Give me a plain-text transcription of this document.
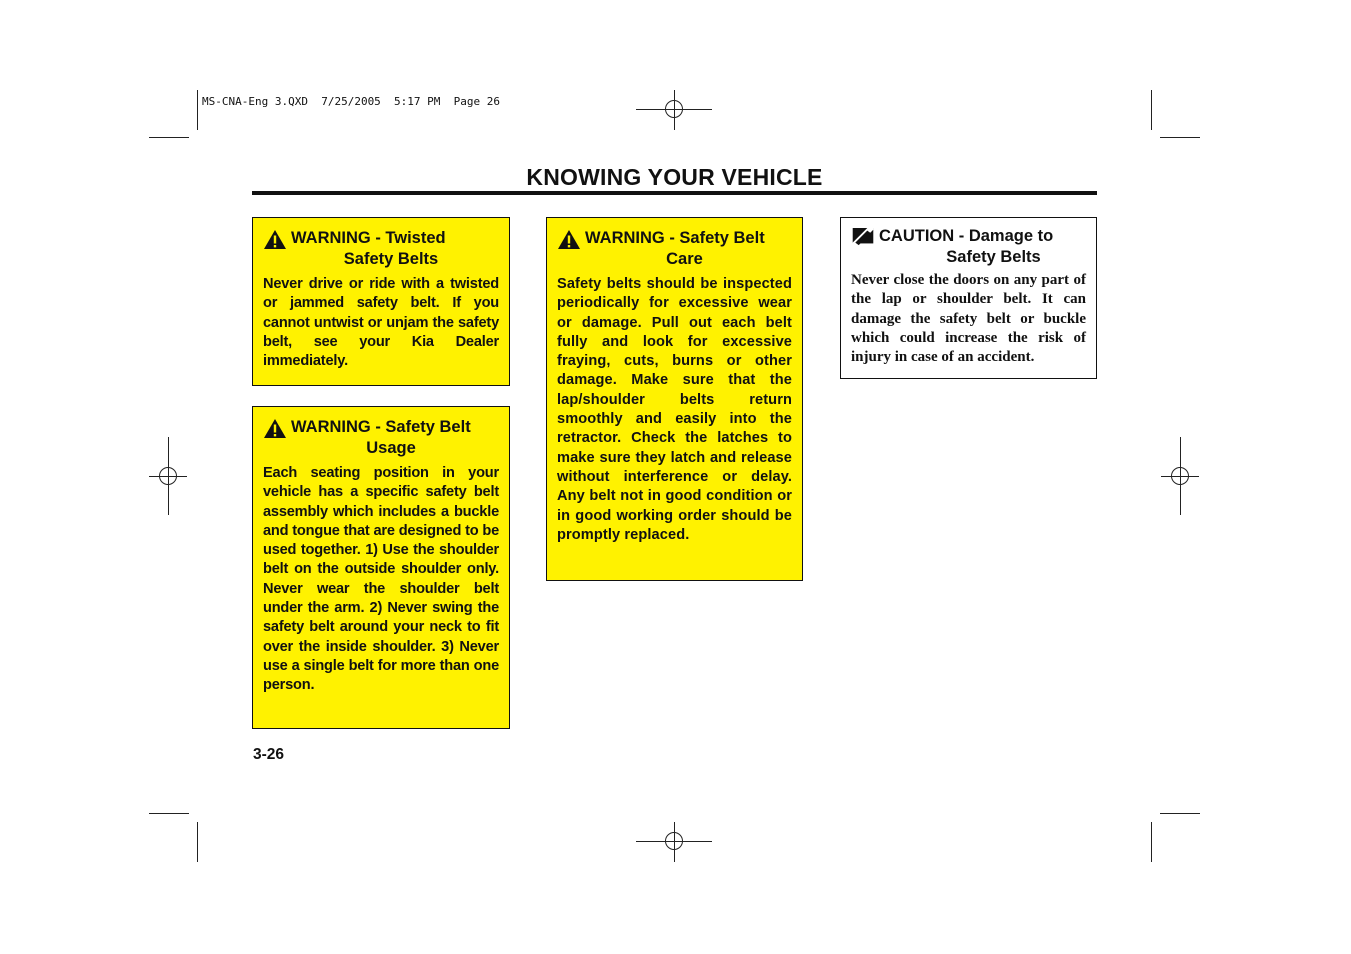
MS-CNA-Eng 3.QXD  7/25/2005  5:17 PM  Page 26
KNOWING YOUR VEHICLE
WARNING - Twisted
Safety Belts
Never drive or ride with a twisted or jammed safety belt. If you cannot untwist or unjam the safety belt, see your Kia Dealer immediately.
WARNING - Safety Belt
Usage
Each seating position in your vehicle has a specific safety belt assembly which includes a buckle and tongue that are designed to be used together. 1) Use the shoulder belt on the outside shoulder only. Never wear the shoulder belt under the arm. 2) Never swing the safety belt around your neck to fit over the inside shoulder. 3) Never use a single belt for more than one person.
WARNING - Safety Belt
Care
Safety belts should be inspected periodically for excessive wear or damage. Pull out each belt fully and look for excessive fraying, cuts, burns or other damage. Make sure that the lap/shoulder belts return smoothly and easily into the retractor. Check the latches to make sure they latch and release without interference or delay. Any belt not in good condition or in good working order should be promptly replaced.
CAUTION - Damage to
Safety Belts
Never close the doors on any part of the lap or shoulder belt. It can damage the safety belt or buckle which could increase the risk of injury in case of an accident.
3-26
